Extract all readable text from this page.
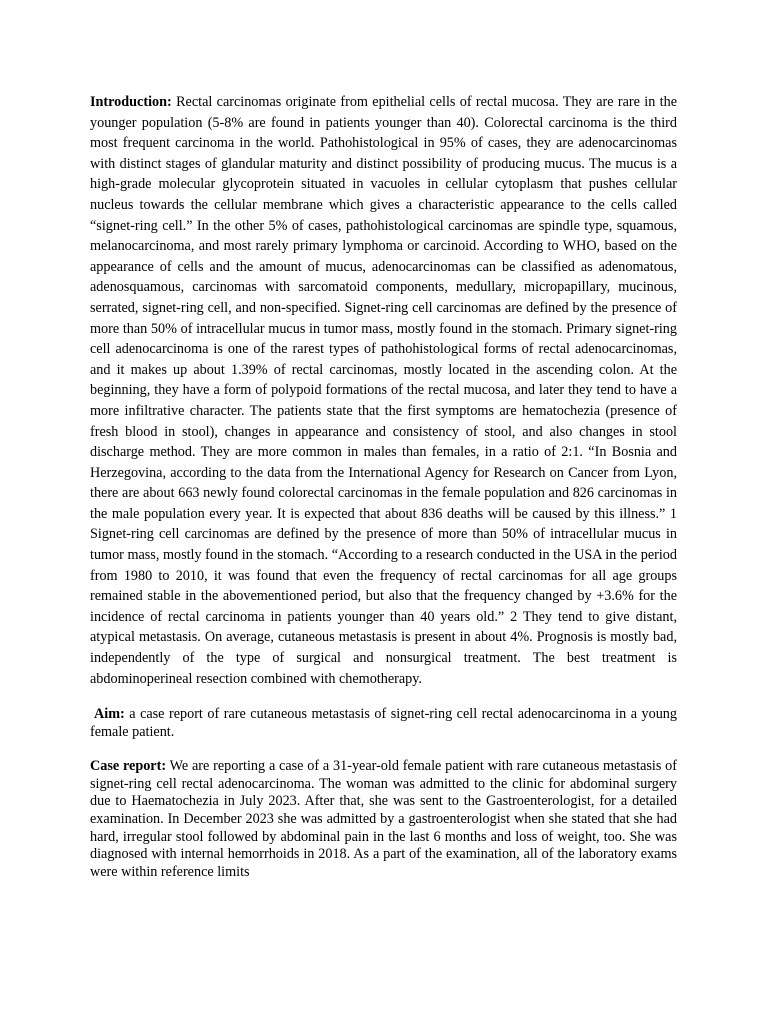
Introduction: Rectal carcinomas originate from epithelial cells of rectal mucosa. They are rare in the younger population (5-8% are found in patients younger than 40). Colorectal carcinoma is the third most frequent carcinoma in the world. Pathohistological in 95% of cases, they are adenocarcinomas with distinct stages of glandular maturity and distinct possibility of producing mucus. The mucus is a high-grade molecular glycoprotein situated in vacuoles in cellular cytoplasm that pushes cellular nucleus towards the cellular membrane which gives a characteristic appearance to the cells called “signet-ring cell.” In the other 5% of cases, pathohistological carcinomas are spindle type, squamous, melanocarcinoma, and most rarely primary lymphoma or carcinoid. According to WHO, based on the appearance of cells and the amount of mucus, adenocarcinomas can be classified as adenomatous, adenosquamous, carcinomas with sarcomatoid components, medullary, micropapillary, mucinous, serrated, signet-ring cell, and non-specified. Signet-ring cell carcinomas are defined by the presence of more than 50% of intracellular mucus in tumor mass, mostly found in the stomach. Primary signet-ring cell adenocarcinoma is one of the rarest types of pathohistological forms of rectal adenocarcinomas, and it makes up about 1.39% of rectal carcinomas, mostly located in the ascending colon. At the beginning, they have a form of polypoid formations of the rectal mucosa, and later they tend to have a more infiltrative character. The patients state that the first symptoms are hematochezia (presence of fresh blood in stool), changes in appearance and consistency of stool, and also changes in stool discharge method. They are more common in males than females, in a ratio of 2:1. “In Bosnia and Herzegovina, according to the data from the International Agency for Research on Cancer from Lyon, there are about 663 newly found colorectal carcinomas in the female population and 826 carcinomas in the male population every year. It is expected that about 836 deaths will be caused by this illness.” 1 Signet-ring cell carcinomas are defined by the presence of more than 50% of intracellular mucus in tumor mass, mostly found in the stomach. “According to a research conducted in the USA in the period from 1980 to 2010, it was found that even the frequency of rectal carcinomas for all age groups remained stable in the abovementioned period, but also that the frequency changed by +3.6% for the incidence of rectal carcinoma in patients younger than 40 years old.” 2 They tend to give distant, atypical metastasis. On average, cutaneous metastasis is present in about 4%. Prognosis is mostly bad, independently of the type of surgical and nonsurgical treatment. The best treatment is abdominoperineal resection combined with chemotherapy.

Aim: a case report of rare cutaneous metastasis of signet-ring cell rectal adenocarcinoma in a young female patient.

Case report: We are reporting a case of a 31-year-old female patient with rare cutaneous metastasis of signet-ring cell rectal adenocarcinoma. The woman was admitted to the clinic for abdominal surgery due to Haematochezia in July 2023. After that, she was sent to the Gastroenterologist, for a detailed examination. In December 2023 she was admitted by a gastroenterologist when she stated that she had hard, irregular stool followed by abdominal pain in the last 6 months and loss of weight, too. She was diagnosed with internal hemorrhoids in 2018. As a part of the examination, all of the laboratory exams were within reference limits
